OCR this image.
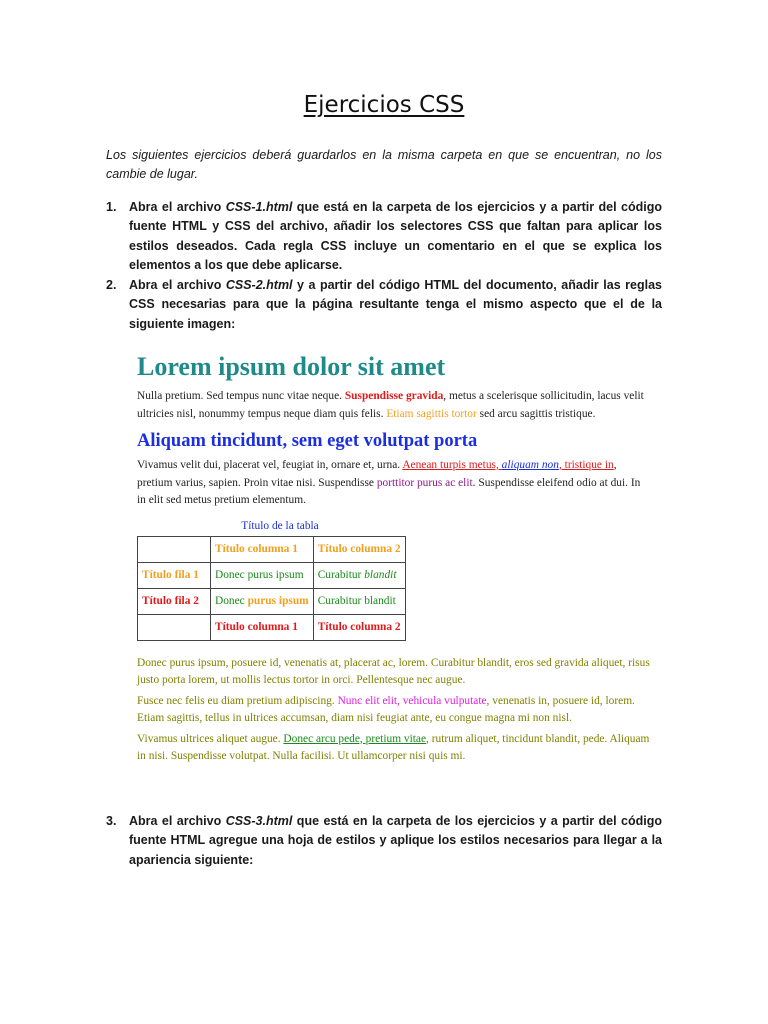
Ejercicios CSS
Los siguientes ejercicios deberá guardarlos en la misma carpeta en que se encuentran, no los cambie de lugar.
1. Abra el archivo CSS-1.html que está en la carpeta de los ejercicios y a partir del código fuente HTML y CSS del archivo, añadir los selectores CSS que faltan para aplicar los estilos deseados. Cada regla CSS incluye un comentario en el que se explica los elementos a los que debe aplicarse.
2. Abra el archivo CSS-2.html y a partir del código HTML del documento, añadir las reglas CSS necesarias para que la página resultante tenga el mismo aspecto que el de la siguiente imagen:
Lorem ipsum dolor sit amet

Nulla pretium. Sed tempus nunc vitae neque. Suspendisse gravida, metus a scelerisque sollicitudin, lacus velit ultricies nisl, nonummy tempus neque diam quis felis. Etiam sagittis tortor sed arcu sagittis tristique.

Aliquam tincidunt, sem eget volutpat porta

Vivamus velit dui, placerat vel, feugiat in, ornare et, urna. Aenean turpis metus, aliquam non, tristique in, pretium varius, sapien. Proin vitae nisi. Suspendisse porttitor purus ac elit. Suspendisse eleifend odio at dui. In in elit sed metus pretium elementum.

Título de la tabla
	Título columna 1	Título columna 2
Título fila 1	Donec purus ipsum	Curabitur blandit
Título fila 2	Donec purus ipsum	Curabitur blandit
	Título columna 1	Título columna 2

Donec purus ipsum, posuere id, venenatis at, placerat ac, lorem. Curabitur blandit, eros sed gravida aliquet, risus justo porta lorem, ut mollis lectus tortor in orci. Pellentesque nec augue.

Fusce nec felis eu diam pretium adipiscing. Nunc elit elit, vehicula vulputate, venenatis in, posuere id, lorem. Etiam sagittis, tellus in ultrices accumsan, diam nisi feugiat ante, eu congue magna mi non nisl.

Vivamus ultrices aliquet augue. Donec arcu pede, pretium vitae, rutrum aliquet, tincidunt blandit, pede. Aliquam in nisi. Suspendisse volutpat. Nulla facilisi. Ut ullamcorper nisi quis mi.

3. Abra el archivo CSS-3.html que está en la carpeta de los ejercicios y a partir del código fuente HTML agregue una hoja de estilos y aplique los estilos necesarios para llegar a la apariencia siguiente:
